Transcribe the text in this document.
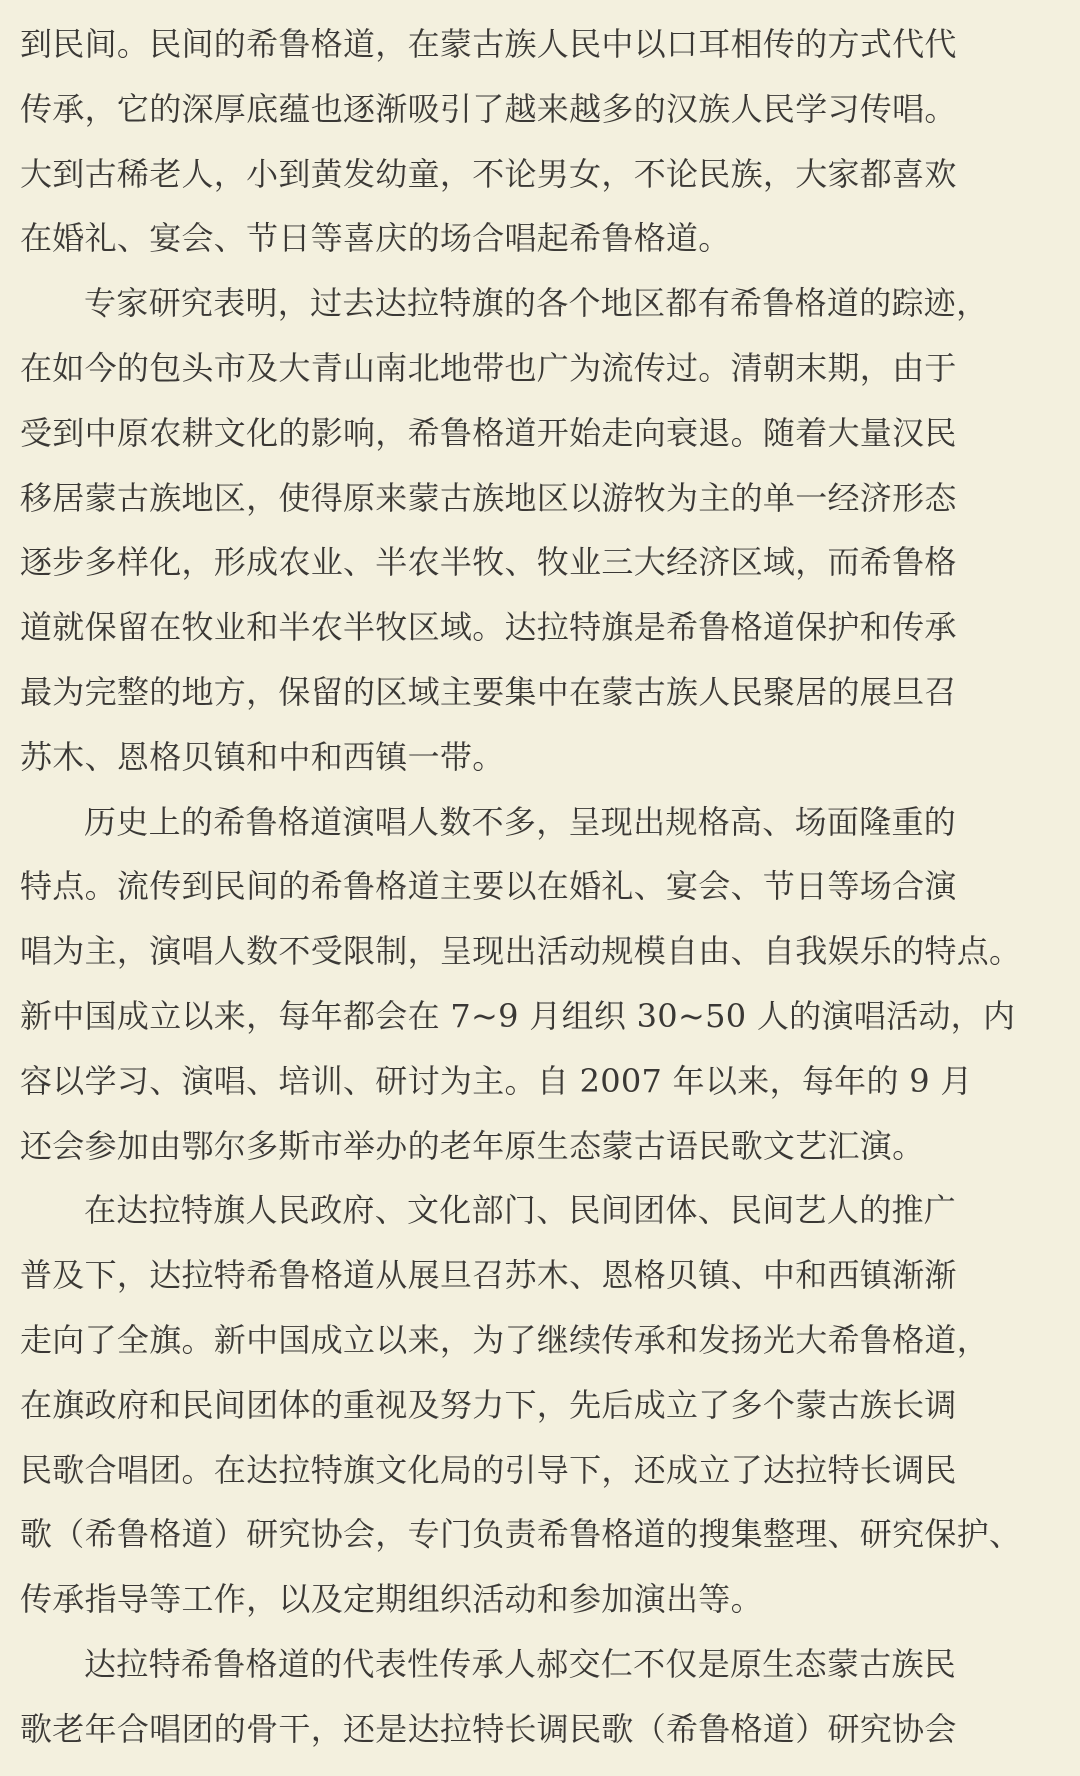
到民间。民间的希鲁格道，在蒙古族人民中以口耳相传的方式代代

传承，它的深厚底蕴也逐渐吸引了越来越多的汉族人民学习传唱。

大到古稀老人，小到黄发幼童，不论男女，不论民族，大家都喜欢

在婚礼、宴会、节日等喜庆的场合唱起希鲁格道。

专家研究表明，过去达拉特旗的各个地区都有希鲁格道的踪迹，

在如今的包头市及大青山南北地带也广为流传过。清朝末期，由于

受到中原农耕文化的影响，希鲁格道开始走向衰退。随着大量汉民

移居蒙古族地区，使得原来蒙古族地区以游牧为主的单一经济形态

逐步多样化，形成农业、半农半牧、牧业三大经济区域，而希鲁格

道就保留在牧业和半农半牧区域。达拉特旗是希鲁格道保护和传承

最为完整的地方，保留的区域主要集中在蒙古族人民聚居的展旦召

苏木、恩格贝镇和中和西镇一带。

历史上的希鲁格道演唱人数不多，呈现出规格高、场面隆重的

特点。流传到民间的希鲁格道主要以在婚礼、宴会、节日等场合演

唱为主，演唱人数不受限制，呈现出活动规模自由、自我娱乐的特点。

新中国成立以来，每年都会在 7~9 月组织 30~50 人的演唱活动，内

容以学习、演唱、培训、研讨为主。自 2007 年以来，每年的 9 月

还会参加由鄂尔多斯市举办的老年原生态蒙古语民歌文艺汇演。

在达拉特旗人民政府、文化部门、民间团体、民间艺人的推广

普及下，达拉特希鲁格道从展旦召苏木、恩格贝镇、中和西镇渐渐

走向了全旗。新中国成立以来，为了继续传承和发扬光大希鲁格道，

在旗政府和民间团体的重视及努力下，先后成立了多个蒙古族长调

民歌合唱团。在达拉特旗文化局的引导下，还成立了达拉特长调民

歌（希鲁格道）研究协会，专门负责希鲁格道的搜集整理、研究保护、

传承指导等工作，以及定期组织活动和参加演出等。

达拉特希鲁格道的代表性传承人郝交仁不仅是原生态蒙古族民

歌老年合唱团的骨干，还是达拉特长调民歌（希鲁格道）研究协会
